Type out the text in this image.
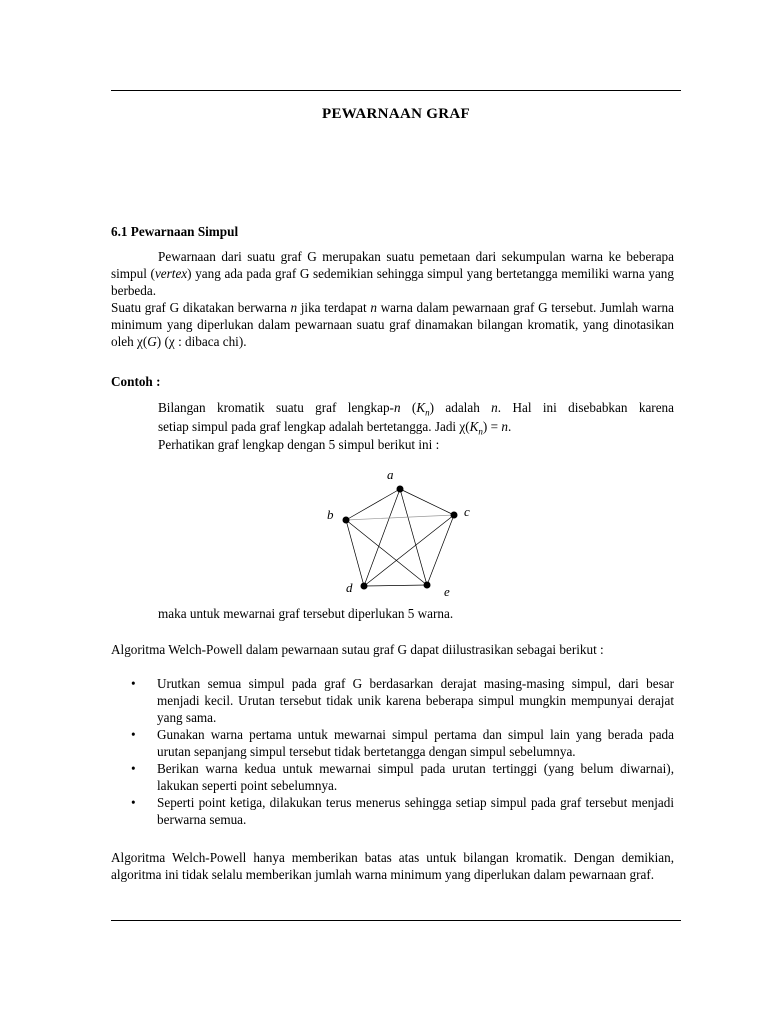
PEWARNAAN GRAF
6.1 Pewarnaan Simpul
Pewarnaan dari suatu graf G merupakan suatu pemetaan dari sekumpulan warna ke beberapa simpul (vertex) yang ada pada graf G sedemikian sehingga simpul yang bertetangga memiliki warna yang berbeda.
Suatu graf G dikatakan berwarna n jika terdapat n warna dalam pewarnaan graf G tersebut. Jumlah warna minimum yang diperlukan dalam pewarnaan suatu graf dinamakan bilangan kromatik, yang dinotasikan oleh χ(G) (χ : dibaca chi).
Contoh :
Bilangan kromatik suatu graf lengkap-n $(K_n)$ adalah n. Hal ini disebabkan karena
setiap simpul pada graf lengkap adalah bertetangga. Jadi $\chi(K_n) = n$.
Perhatikan graf lengkap dengan 5 simpul berikut ini :
a
b	c
d	e
maka untuk mewarnai graf tersebut diperlukan 5 warna.
Algoritma Welch-Powell dalam pewarnaan sutau graf G dapat diilustrasikan sebagai berikut :
• Urutkan semua simpul pada graf G berdasarkan derajat masing-masing simpul, dari besar menjadi kecil. Urutan tersebut tidak unik karena beberapa simpul mungkin mempunyai derajat yang sama.
• Gunakan warna pertama untuk mewarnai simpul pertama dan simpul lain yang berada pada urutan sepanjang simpul tersebut tidak bertetangga dengan simpul sebelumnya.
• Berikan warna kedua untuk mewarnai simpul pada urutan tertinggi (yang belum diwarnai), lakukan seperti point sebelumnya.
• Seperti point ketiga, dilakukan terus menerus sehingga setiap simpul pada graf tersebut menjadi berwarna semua.
Algoritma Welch-Powell hanya memberikan batas atas untuk bilangan kromatik. Dengan demikian, algoritma ini tidak selalu memberikan jumlah warna minimum yang diperlukan dalam pewarnaan graf.
